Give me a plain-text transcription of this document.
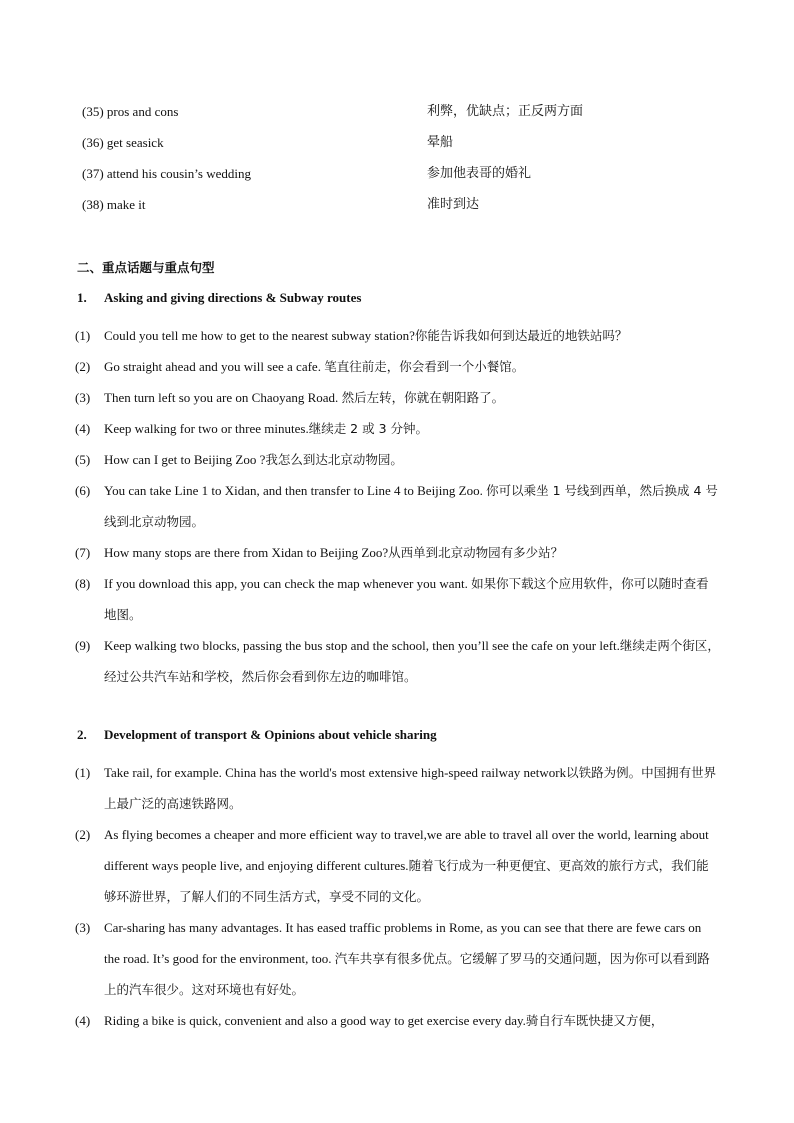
(35) pros and cons	利弊，优缺点；正反两方面
(36) get seasick	晕船
(37) attend his cousin’s wedding	参加他表哥的婚礼
(38) make it	准时到达
二、重点话题与重点句型
1.	Asking and giving directions & Subway routes
(1)	Could you tell me how to get to the nearest subway station?你能告诉我如何到达最近的地铁站吗？
(2)	Go straight ahead and you will see a cafe. 笔直往前走，你会看到一个小餐馆。
(3)	Then turn left so you are on Chaoyang Road. 然后左转，你就在朝阳路了。
(4)	Keep walking for two or three minutes.继续走 2 或 3 分钟。
(5)	How can I get to Beijing Zoo ?我怎么到达北京动物园。
(6)	You can take Line 1 to Xidan, and then transfer to Line 4 to Beijing Zoo. 你可以乘坐 1 号线到西单，然后换成 4 号线到北京动物园。
(7)	How many stops are there from Xidan to Beijing Zoo?从西单到北京动物园有多少站？
(8)	If you download this app, you can check the map whenever you want. 如果你下载这个应用软件，你可以随时查看地图。
(9)	Keep walking two blocks, passing the bus stop and the school, then you’ll see the cafe on your left.继续走两个街区，经过公共汽车站和学校，然后你会看到你左边的咖啡馆。
2.	Development of transport & Opinions about vehicle sharing
(1)	Take rail, for example. China has the world's most extensive high-speed railway network以铁路为例。中国拥有世界上最广泛的高速铁路网。
(2)	As flying becomes a cheaper and more efficient way to travel,we are able to travel all over the world, learning about different ways people live, and enjoying different cultures.随着飞行成为一种更便宜、更高效的旅行方式，我们能够环游世界，了解人们的不同生活方式，享受不同的文化。
(3)	Car-sharing has many advantages. It has eased traffic problems in Rome, as you can see that there are fewe cars on the road. It’s good for the environment, too. 汽车共享有很多优点。它缓解了罗马的交通问题，因为你可以看到路上的汽车很少。这对环境也有好处。
(4)	Riding a bike is quick, convenient and also a good way to get exercise every day.骑自行车既快捷又方便，
